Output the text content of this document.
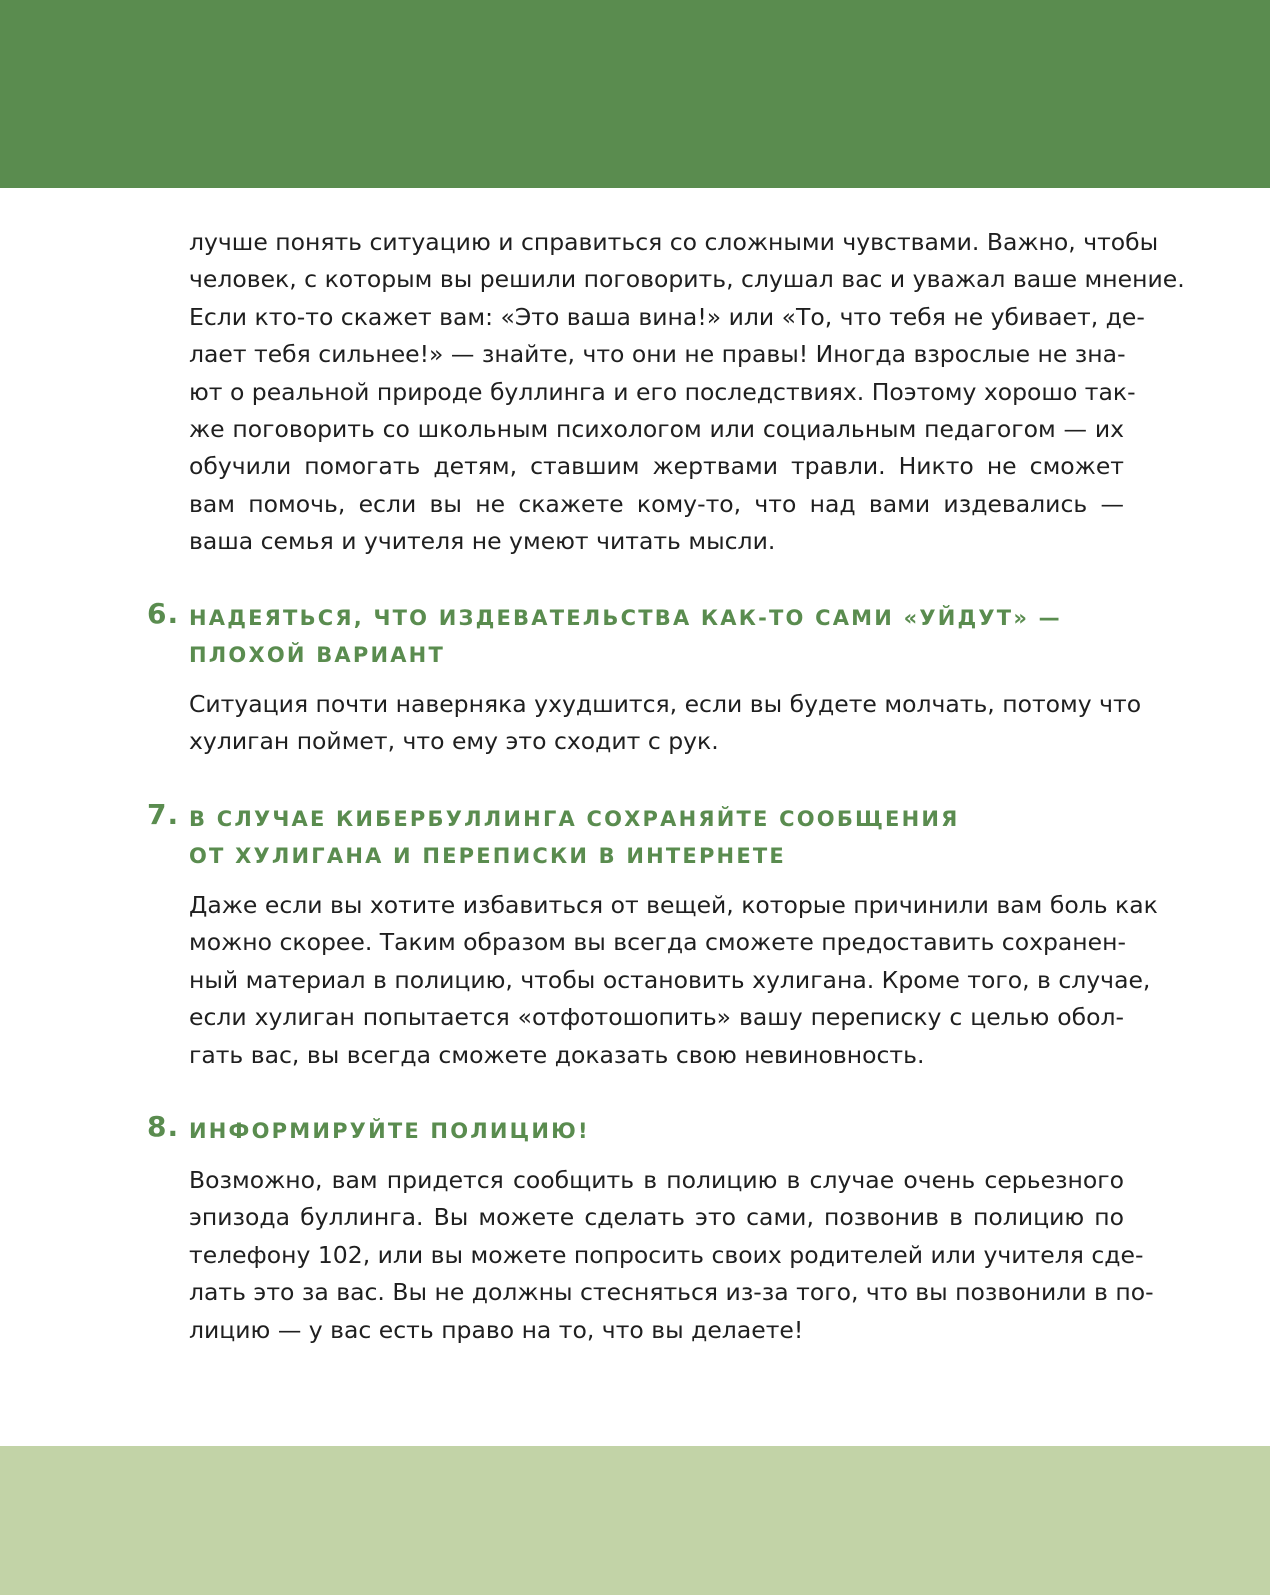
лучше понять ситуацию и справиться со сложными чувствами. Важно, чтобы
человек, с которым вы решили поговорить, слушал вас и уважал ваше мнение.
Если кто-то скажет вам: «Это ваша вина!» или «То, что тебя не убивает, де-
лает тебя сильнее!» — знайте, что они не правы! Иногда взрослые не зна-
ют о реальной природе буллинга и его последствиях. Поэтому хорошо так-
же поговорить со школьным психологом или социальным педагогом — их
обучили помогать детям, ставшим жертвами травли. Никто не сможет
вам помочь, если вы не скажете кому-то, что над вами издевались —
ваша семья и учителя не умеют читать мысли.

6. НАДЕЯТЬСЯ, ЧТО ИЗДЕВАТЕЛЬСТВА КАК-ТО САМИ «УЙДУТ» —
ПЛОХОЙ ВАРИАНТ

Ситуация почти наверняка ухудшится, если вы будете молчать, потому что
хулиган поймет, что ему это сходит с рук.

7. В СЛУЧАЕ КИБЕРБУЛЛИНГА СОХРАНЯЙТЕ СООБЩЕНИЯ
ОТ ХУЛИГАНА И ПЕРЕПИСКИ В ИНТЕРНЕТЕ

Даже если вы хотите избавиться от вещей, которые причинили вам боль как
можно скорее. Таким образом вы всегда сможете предоставить сохранен-
ный материал в полицию, чтобы остановить хулигана. Кроме того, в случае,
если хулиган попытается «отфотошопить» вашу переписку с целью обол-
гать вас, вы всегда сможете доказать свою невиновность.

8. ИНФОРМИРУЙТЕ ПОЛИЦИЮ!

Возможно, вам придется сообщить в полицию в случае очень серьезного
эпизода буллинга. Вы можете сделать это сами, позвонив в полицию по
телефону 102, или вы можете попросить своих родителей или учителя сде-
лать это за вас. Вы не должны стесняться из-за того, что вы позвонили в по-
лицию — у вас есть право на то, что вы делаете!
